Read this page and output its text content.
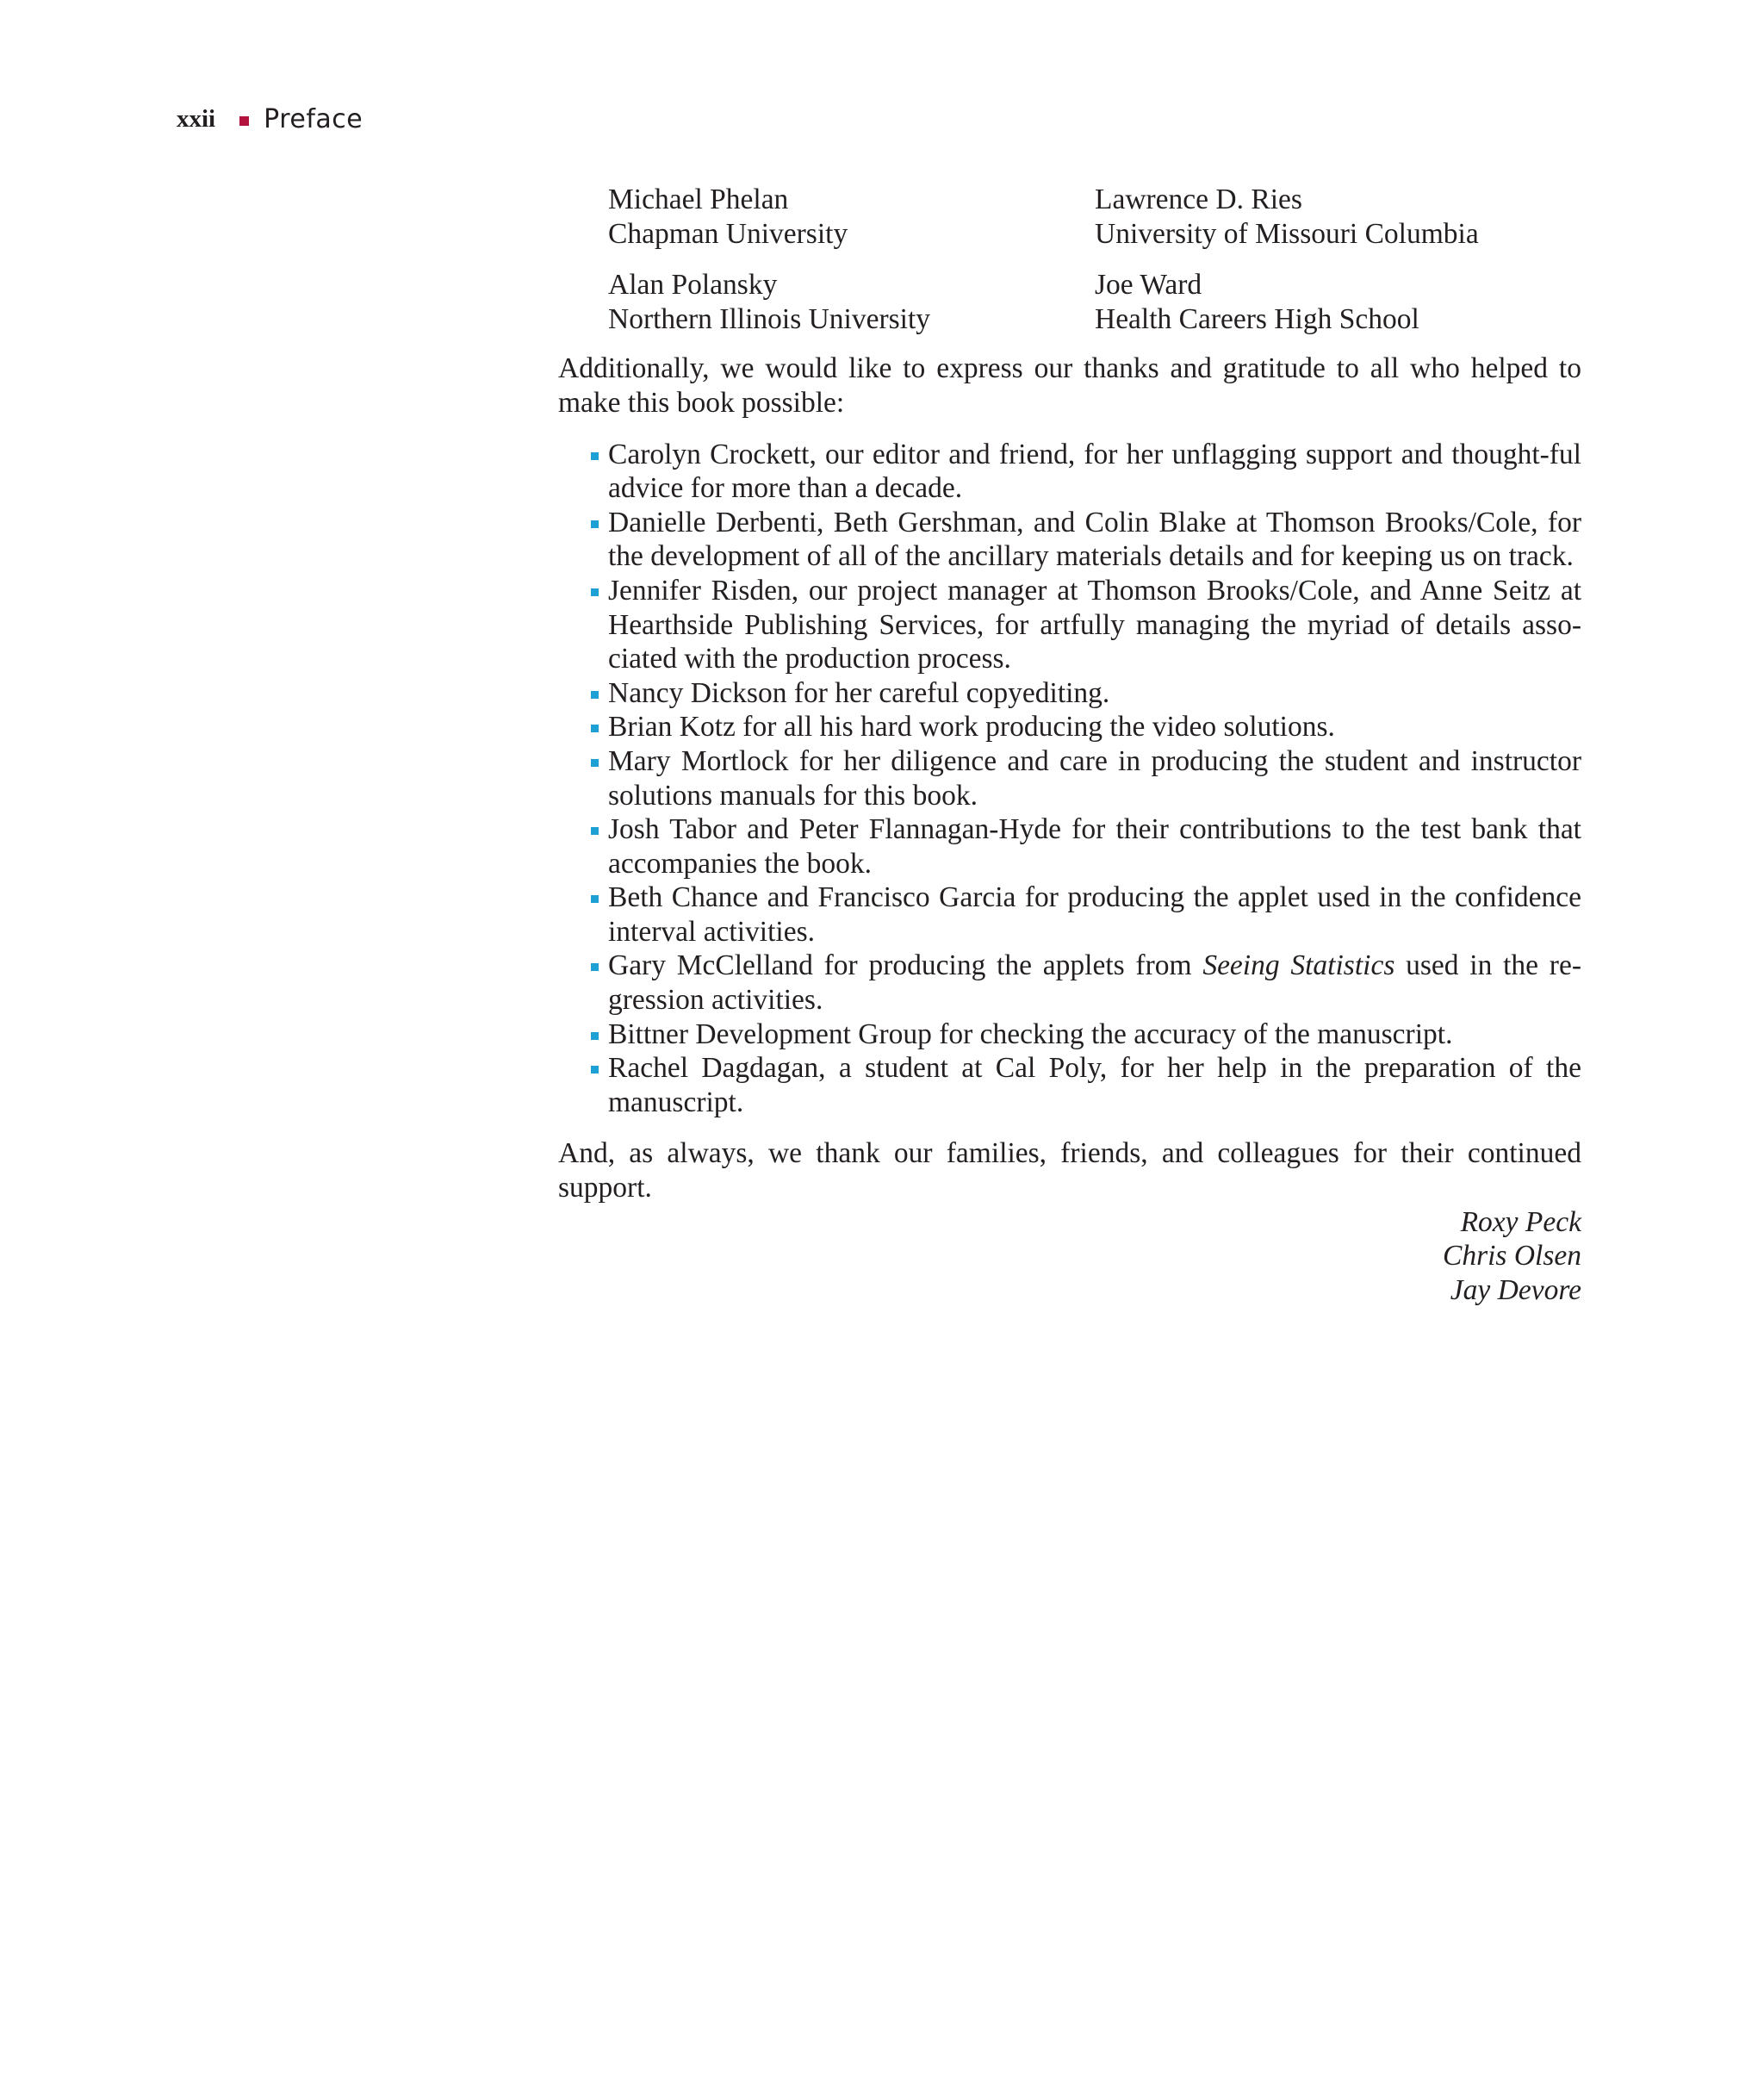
xxii Preface
Michael Phelan
Chapman University
Lawrence D. Ries
University of Missouri Columbia
Alan Polansky
Northern Illinois University
Joe Ward
Health Careers High School

Additionally, we would like to express our thanks and gratitude to all who helped to make this book possible:

Carolyn Crockett, our editor and friend, for her unflagging support and thought-ful advice for more than a decade.
Danielle Derbenti, Beth Gershman, and Colin Blake at Thomson Brooks/Cole, for the development of all of the ancillary materials details and for keeping us on track.
Jennifer Risden, our project manager at Thomson Brooks/Cole, and Anne Seitz at Hearthside Publishing Services, for artfully managing the myriad of details asso-ciated with the production process.
Nancy Dickson for her careful copyediting.
Brian Kotz for all his hard work producing the video solutions.
Mary Mortlock for her diligence and care in producing the student and instructor solutions manuals for this book.
Josh Tabor and Peter Flannagan-Hyde for their contributions to the test bank that accompanies the book.
Beth Chance and Francisco Garcia for producing the applet used in the confidence interval activities.
Gary McClelland for producing the applets from Seeing Statistics used in the re-gression activities.
Bittner Development Group for checking the accuracy of the manuscript.
Rachel Dagdagan, a student at Cal Poly, for her help in the preparation of the manuscript.

And, as always, we thank our families, friends, and colleagues for their continued support.

Roxy Peck
Chris Olsen
Jay Devore
